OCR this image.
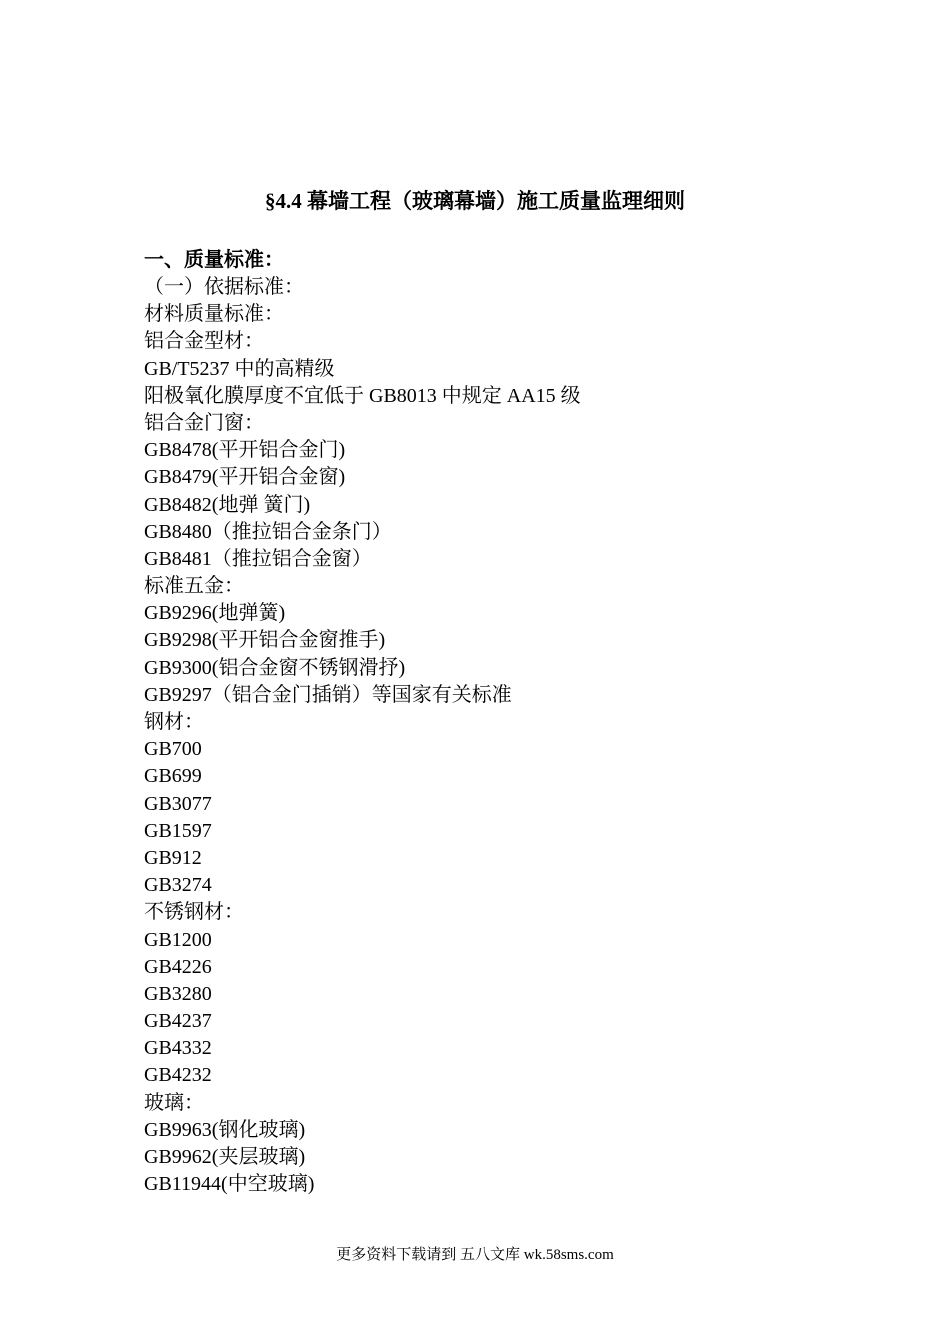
§4.4 幕墙工程（玻璃幕墙）施工质量监理细则
一、质量标准：
（一）依据标准：
材料质量标准：
铝合金型材：
GB/T5237 中的高精级
阳极氧化膜厚度不宜低于 GB8013 中规定 AA15 级
铝合金门窗：
GB8478(平开铝合金门)
GB8479(平开铝合金窗)
GB8482(地弹 簧门)
GB8480（推拉铝合金条门）
GB8481（推拉铝合金窗）
标准五金：
GB9296(地弹簧)
GB9298(平开铝合金窗推手)
GB9300(铝合金窗不锈钢滑抒)
GB9297（铝合金门插销）等国家有关标准
钢材：
GB700
GB699
GB3077
GB1597
GB912
GB3274
不锈钢材：
GB1200
GB4226
GB3280
GB4237
GB4332
GB4232
玻璃：
GB9963(钢化玻璃)
GB9962(夹层玻璃)
GB11944(中空玻璃)
更多资料下载请到 五八文库 wk.58sms.com
